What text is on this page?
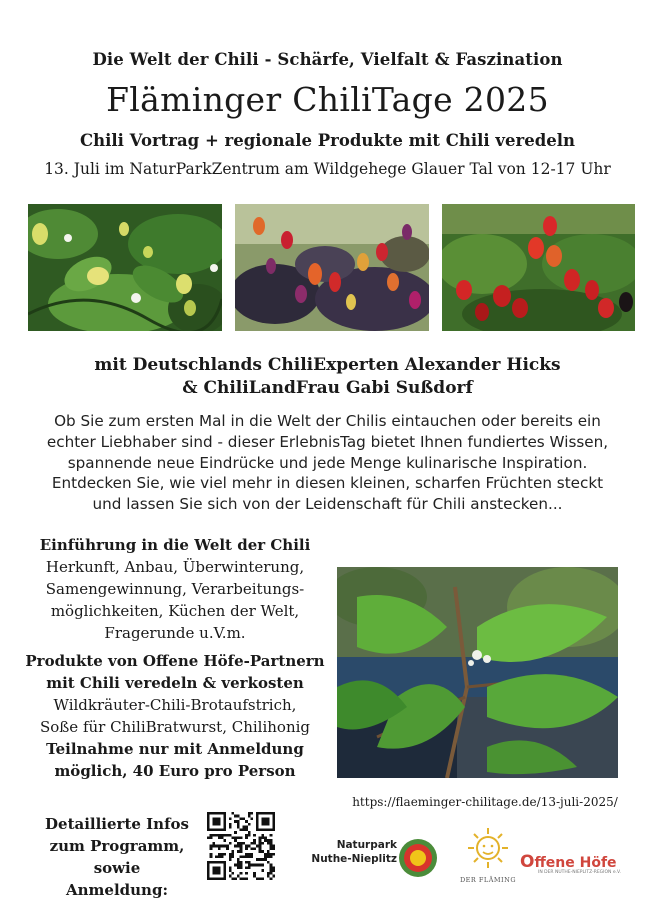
Die Welt der Chili - Schärfe, Vielfalt & Faszination
Fläminger ChiliTage 2025
Chili Vortrag + regionale Produkte mit Chili veredeln
13. Juli im NaturParkZentrum am Wildgehege Glauer Tal von 12-17 Uhr
mit Deutschlands ChiliExperten Alexander Hicks
& ChiliLandFrau Gabi Sußdorf
Ob Sie zum ersten Mal in die Welt der Chilis eintauchen oder bereits ein
echter Liebhaber sind - dieser ErlebnisTag bietet Ihnen fundiertes Wissen,
spannende neue Eindrücke und jede Menge kulinarische Inspiration.
Entdecken Sie, wie viel mehr in diesen kleinen, scharfen Früchten steckt
und lassen Sie sich von der Leidenschaft für Chili anstecken...
Einführung in die Welt der Chili
Herkunft, Anbau, Überwinterung,
Samengewinnung, Verarbeitungs-
möglichkeiten, Küchen der Welt,
Fragerunde u.V.m.
Produkte von Offene Höfe-Partnern
mit Chili veredeln & verkosten
Wildkräuter-Chili-Brotaufstrich,
Soße für ChiliBratwurst, Chilihonig
Teilnahme nur mit Anmeldung
möglich, 40 Euro pro Person
https://flaeminger-chilitage.de/13-juli-2025/
Detaillierte Infos
zum Programm,
sowie Anmeldung:
Naturpark
Nuthe-Nieplitz
DER FLÄMING
Offene Höfe
IN DER NUTHE-NIEPLITZ-REGION e.V.
